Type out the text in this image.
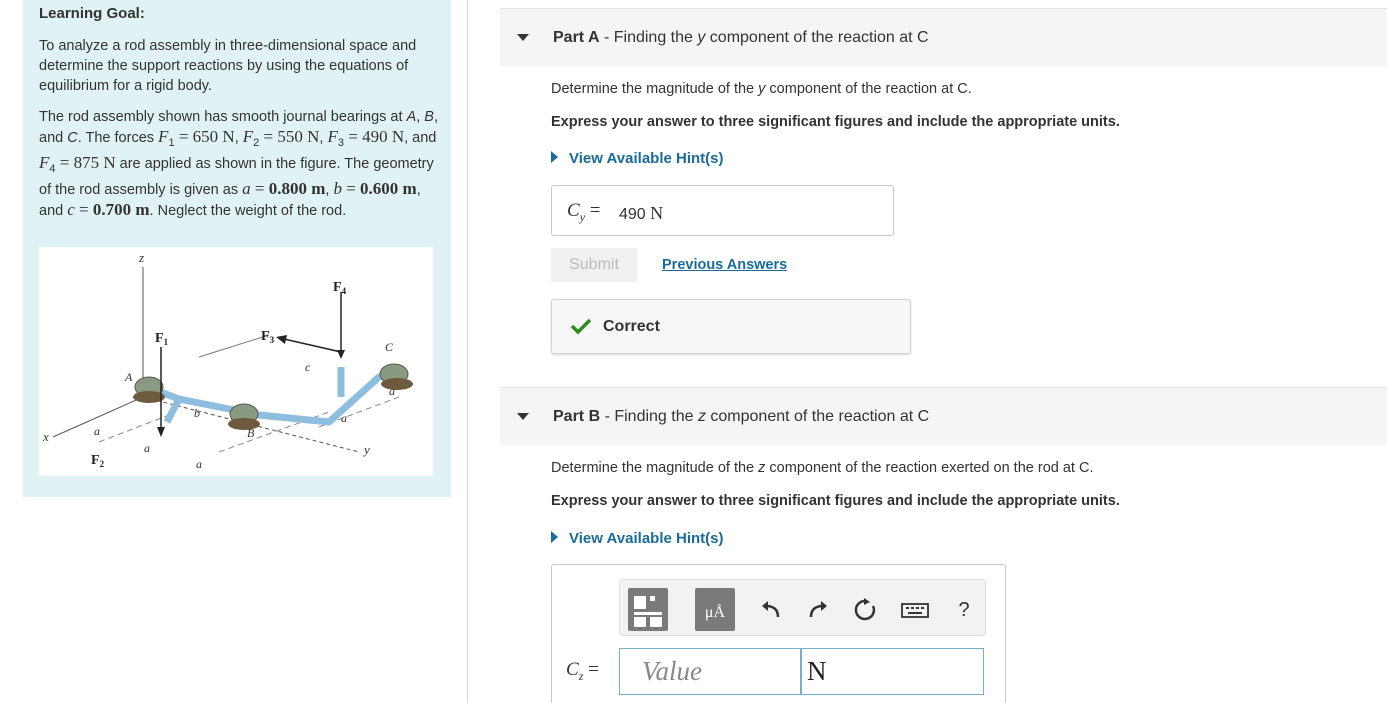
Learning Goal:

To analyze a rod assembly in three-dimensional space and determine the support reactions by using the equations of equilibrium for a rigid body.

The rod assembly shown has smooth journal bearings at A, B, and C. The forces $F_1 = 650$ N, $F_2 = 550$ N, $F_3 = 490$ N, and $F_4 = 875$ N are applied as shown in the figure. The geometry of the rod assembly is given as a = 0.800 m, b = 0.600 m, and c = 0.700 m. Neglect the weight of the rod.

z
x
y
$F_1$
$F_2$
$F_3$
$F_4$
A
B
C
a
a
a
a
a
b
c
Part A - Finding the y component of the reaction at C
Determine the magnitude of the y component of the reaction at C.
Express your answer to three significant figures and include the appropriate units.
View Available Hint(s)
$C_y = 490$ N
Submit	Previous Answers
Correct
Part B - Finding the z component of the reaction at C
Determine the magnitude of the z component of the reaction exerted on the rod at C.
Express your answer to three significant figures and include the appropriate units.
View Available Hint(s)
μÅ	?
$C_z$ =	Value	N
